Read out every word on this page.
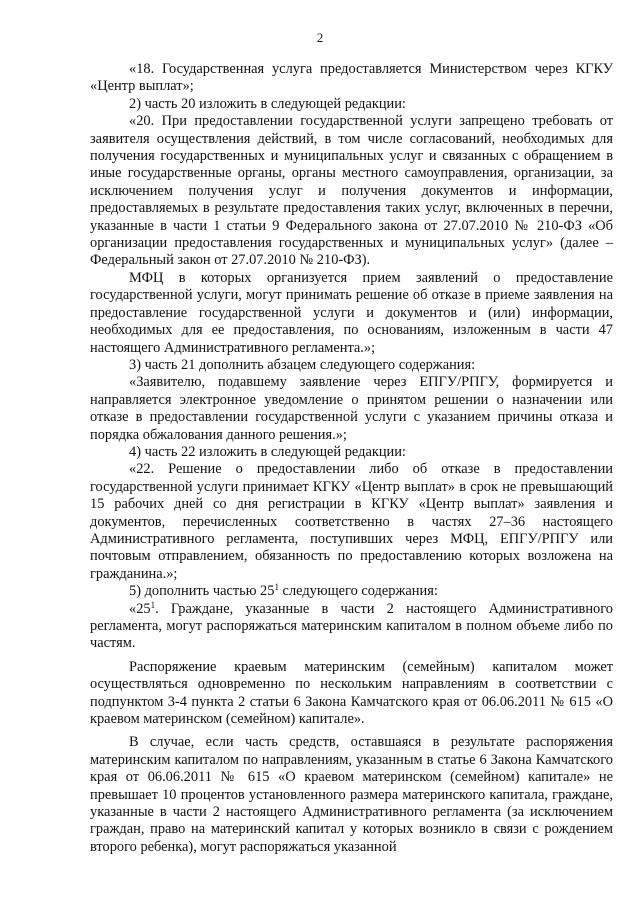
2

«18. Государственная услуга предоставляется Министерством через КГКУ «Центр выплат»;

2) часть 20 изложить в следующей редакции:

«20. При предоставлении государственной услуги запрещено требовать от заявителя осуществления действий, в том числе согласований, необходимых для получения государственных и муниципальных услуг и связанных с обращением в иные государственные органы, органы местного самоуправления, организации, за исключением получения услуг и получения документов и информации, предоставляемых в результате предоставления таких услуг, включенных в перечни, указанные в части 1 статьи 9 Федерального закона от 27.07.2010 № 210-ФЗ «Об организации предоставления государственных и муниципальных услуг» (далее – Федеральный закон от 27.07.2010 № 210-ФЗ).

МФЦ в которых организуется прием заявлений о предоставление государственной услуги, могут принимать решение об отказе в приеме заявления на предоставление государственной услуги и документов и (или) информации, необходимых для ее предоставления, по основаниям, изложенным в части 47 настоящего Административного регламента.»;

3) часть 21 дополнить абзацем следующего содержания:

«Заявителю, подавшему заявление через ЕПГУ/РПГУ, формируется и направляется электронное уведомление о принятом решении о назначении или отказе в предоставлении государственной услуги с указанием причины отказа и порядка обжалования данного решения.»;

4) часть 22 изложить в следующей редакции:

«22. Решение о предоставлении либо об отказе в предоставлении государственной услуги принимает КГКУ «Центр выплат» в срок не превышающий 15 рабочих дней со дня регистрации в КГКУ «Центр выплат» заявления и документов, перечисленных соответственно в частях 27–36 настоящего Административного регламента, поступивших через МФЦ, ЕПГУ/РПГУ или почтовым отправлением, обязанность по предоставлению которых возложена на гражданина.»;

5) дополнить частью $25^1$ следующего содержания:

«$25^1$. Граждане, указанные в части 2 настоящего Административного регламента, могут распоряжаться материнским капиталом в полном объеме либо по частям.

Распоряжение краевым материнским (семейным) капиталом может осуществляться одновременно по нескольким направлениям в соответствии с подпунктом 3-4 пункта 2 статьи 6 Закона Камчатского края от 06.06.2011 № 615 «О краевом материнском (семейном) капитале».

В случае, если часть средств, оставшаяся в результате распоряжения материнским капиталом по направлениям, указанным в статье 6 Закона Камчатского края от 06.06.2011 № 615 «О краевом материнском (семейном) капитале» не превышает 10 процентов установленного размера материнского капитала, граждане, указанные в части 2 настоящего Административного регламента (за исключением граждан, право на материнский капитал у которых возникло в связи с рождением второго ребенка), могут распоряжаться указанной
